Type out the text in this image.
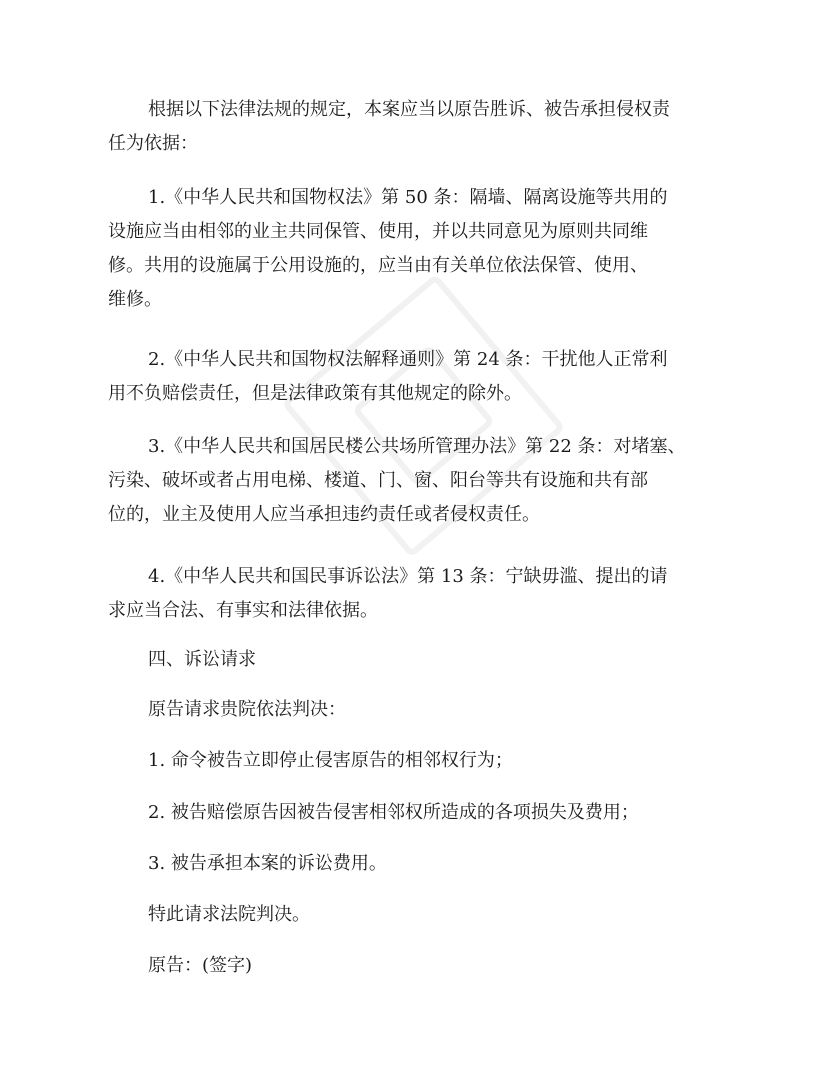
根据以下法律法规的规定，本案应当以原告胜诉、被告承担侵权责
任为依据：
1.《中华人民共和国物权法》第 50 条：隔墙、隔离设施等共用的
设施应当由相邻的业主共同保管、使用，并以共同意见为原则共同维
修。共用的设施属于公用设施的，应当由有关单位依法保管、使用、
维修。
2.《中华人民共和国物权法解释通则》第 24 条：干扰他人正常利
用不负赔偿责任，但是法律政策有其他规定的除外。
3.《中华人民共和国居民楼公共场所管理办法》第 22 条：对堵塞、
污染、破坏或者占用电梯、楼道、门、窗、阳台等共有设施和共有部
位的，业主及使用人应当承担违约责任或者侵权责任。
4.《中华人民共和国民事诉讼法》第 13 条：宁缺毋滥、提出的请
求应当合法、有事实和法律依据。
四、诉讼请求
原告请求贵院依法判决：
1. 命令被告立即停止侵害原告的相邻权行为；
2. 被告赔偿原告因被告侵害相邻权所造成的各项损失及费用；
3. 被告承担本案的诉讼费用。
特此请求法院判决。
原告：(签字)
